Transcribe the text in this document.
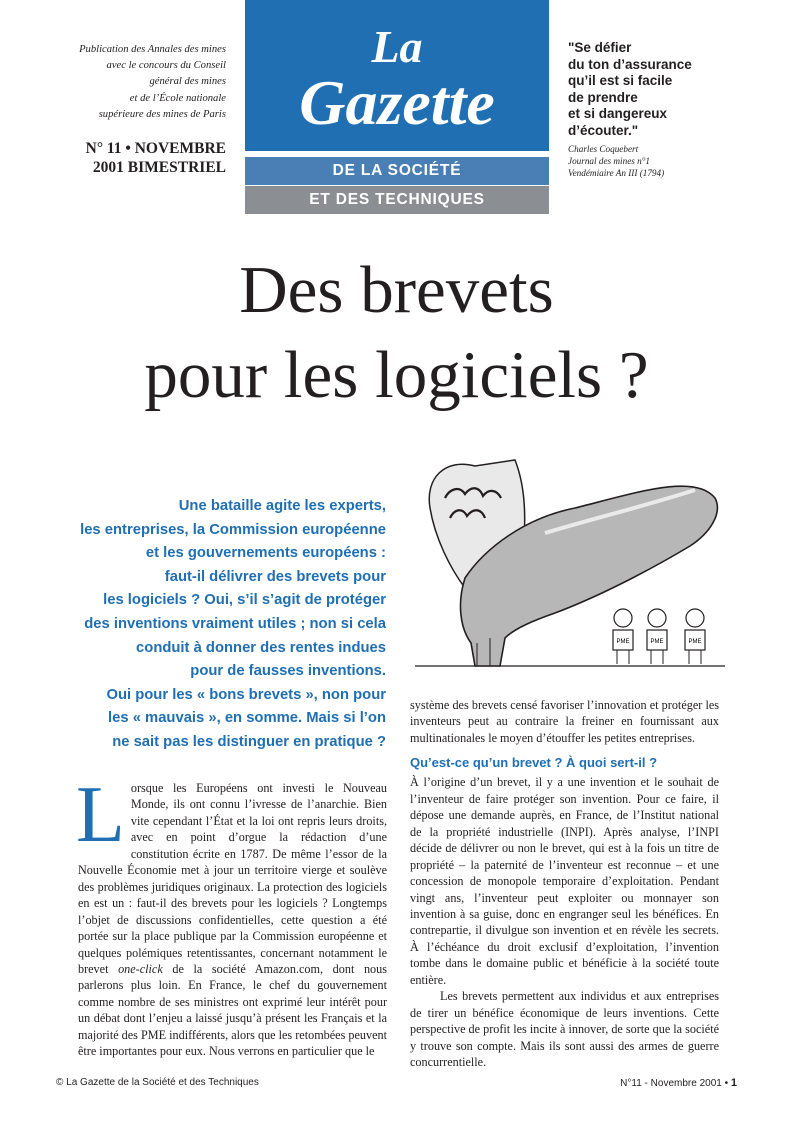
Publication des Annales des mines
avec le concours du Conseil
général des mines
et de l’École nationale
supérieure des mines de Paris
N° 11 • NOVEMBRE
2001 BIMESTRIEL
La
Gazette
DE LA SOCIÉTÉ
ET DES TECHNIQUES
"Se défier
du ton d’assurance
qu’il est si facile
de prendre
et si dangereux
d’écouter."
Charles Coquebert
Journal des mines n°1
Vendémiaire An III (1794)
Des brevets
pour les logiciels ?
PME	PME	PME
Une bataille agite les experts,
les entreprises, la Commission européenne
et les gouvernements européens :
faut-il délivrer des brevets pour
les logiciels ? Oui, s’il s’agit de protéger
des inventions vraiment utiles ; non si cela
conduit à donner des rentes indues
pour de fausses inventions.
Oui pour les « bons brevets », non pour
les « mauvais », en somme. Mais si l’on
ne sait pas les distinguer en pratique ?
L orsque les Européens ont investi le Nouveau Monde, ils ont connu l’ivresse de l’anarchie. Bien vite cependant l’État et la loi ont repris leurs droits, avec en point d’orgue la rédaction d’une constitution écrite en 1787. De même l’essor de la Nouvelle Économie met à jour un territoire vierge et soulève des problèmes juridiques originaux. La protection des logiciels en est un : faut-il des brevets pour les logiciels ? Longtemps l’objet de discussions confidentielles, cette question a été portée sur la place publique par la Commission européenne et quelques polémiques retentissantes, concernant notamment le brevet one-click de la société Amazon.com, dont nous parlerons plus loin. En France, le chef du gouvernement comme nombre de ses ministres ont exprimé leur intérêt pour un débat dont l’enjeu a laissé jusqu’à présent les Français et la majorité des PME indifférents, alors que les retombées peuvent être importantes pour eux. Nous verrons en particulier que le

système des brevets censé favoriser l’innovation et protéger les inventeurs peut au contraire la freiner en fournissant aux multinationales le moyen d’étouffer les petites entreprises.

Qu’est-ce qu’un brevet ? À quoi sert-il ?

À l’origine d’un brevet, il y a une invention et le souhait de l’inventeur de faire protéger son invention. Pour ce faire, il dépose une demande auprès, en France, de l’Institut national de la propriété industrielle (INPI). Après analyse, l’INPI décide de délivrer ou non le brevet, qui est à la fois un titre de propriété – la paternité de l’inventeur est reconnue – et une concession de monopole temporaire d’exploitation. Pendant vingt ans, l’inventeur peut exploiter ou monnayer son invention à sa guise, donc en engranger seul les bénéfices. En contrepartie, il divulgue son invention et en révèle les secrets. À l’échéance du droit exclusif d’exploitation, l’invention tombe dans le domaine public et bénéficie à la société toute entière.

Les brevets permettent aux individus et aux entreprises de tirer un bénéfice économique de leurs inventions. Cette perspective de profit les incite à innover, de sorte que la société y trouve son compte. Mais ils sont aussi des armes de guerre concurrentielle.

© La Gazette de la Société et des Techniques	N°11 - Novembre 2001 • 1
